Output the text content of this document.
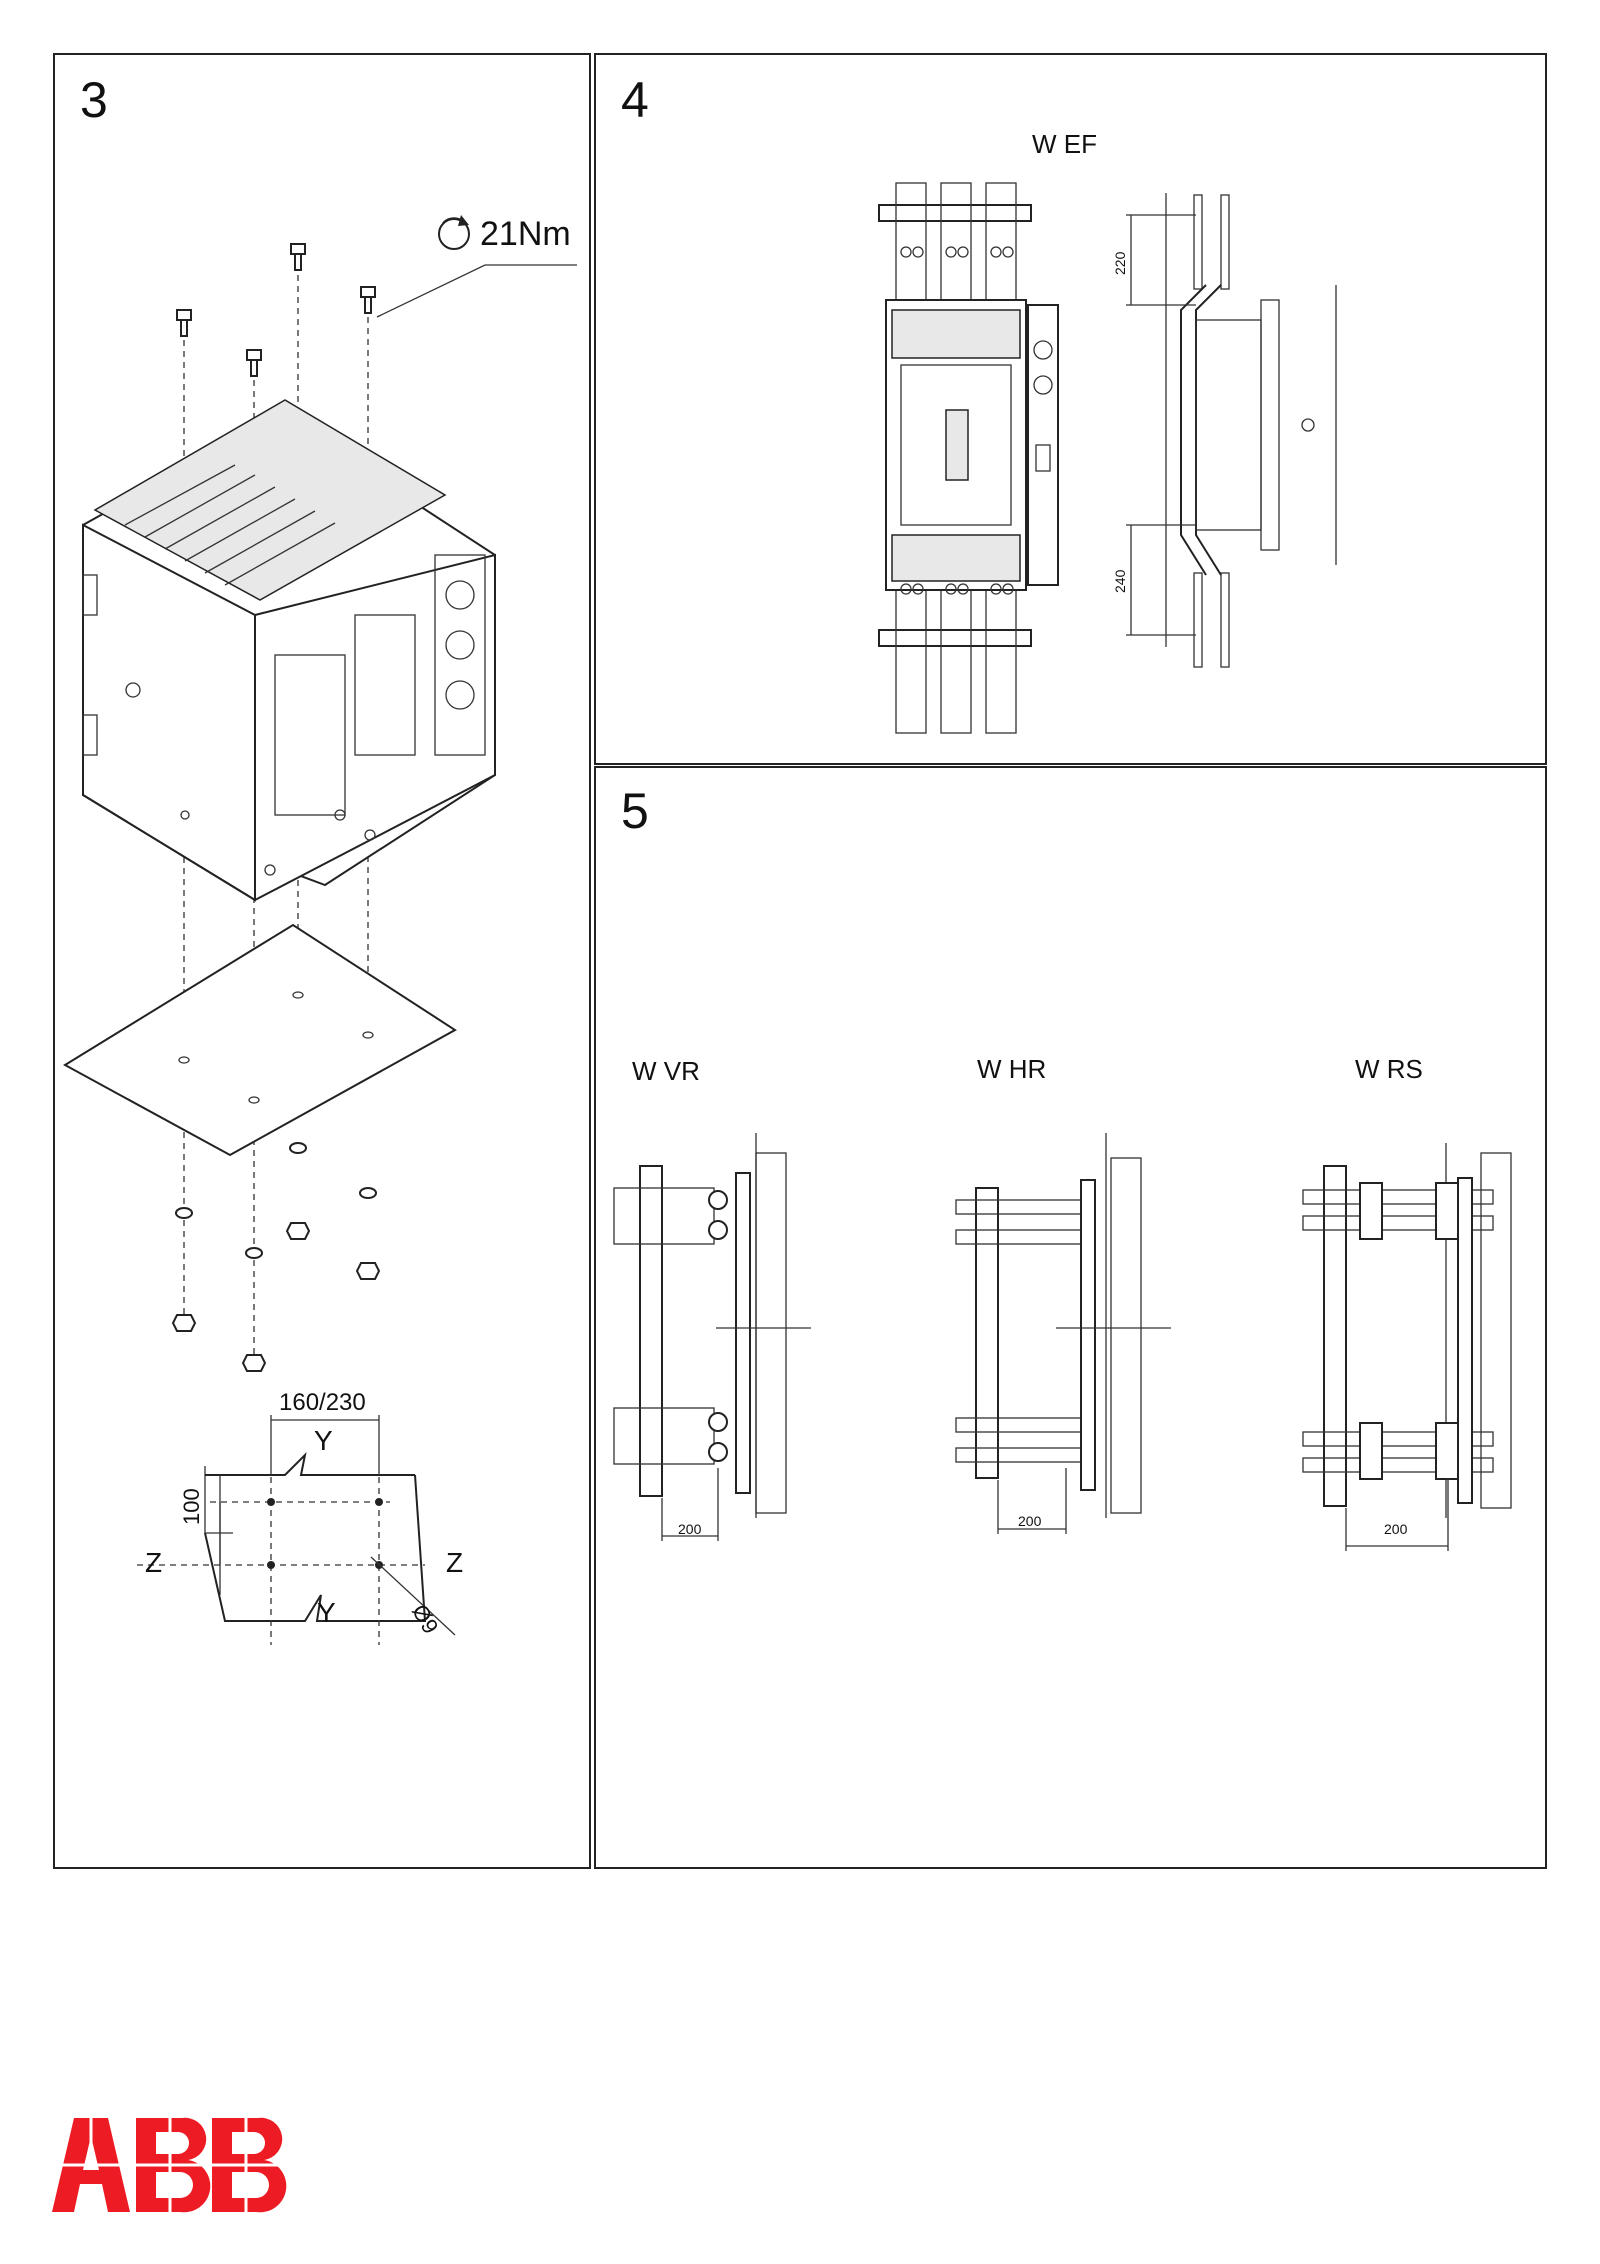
3
21Nm
160/230
Y
100
Z	Z
Y	Ø9
4
W EF
220
240
5
W VR	W HR	W RS
200	200	200
